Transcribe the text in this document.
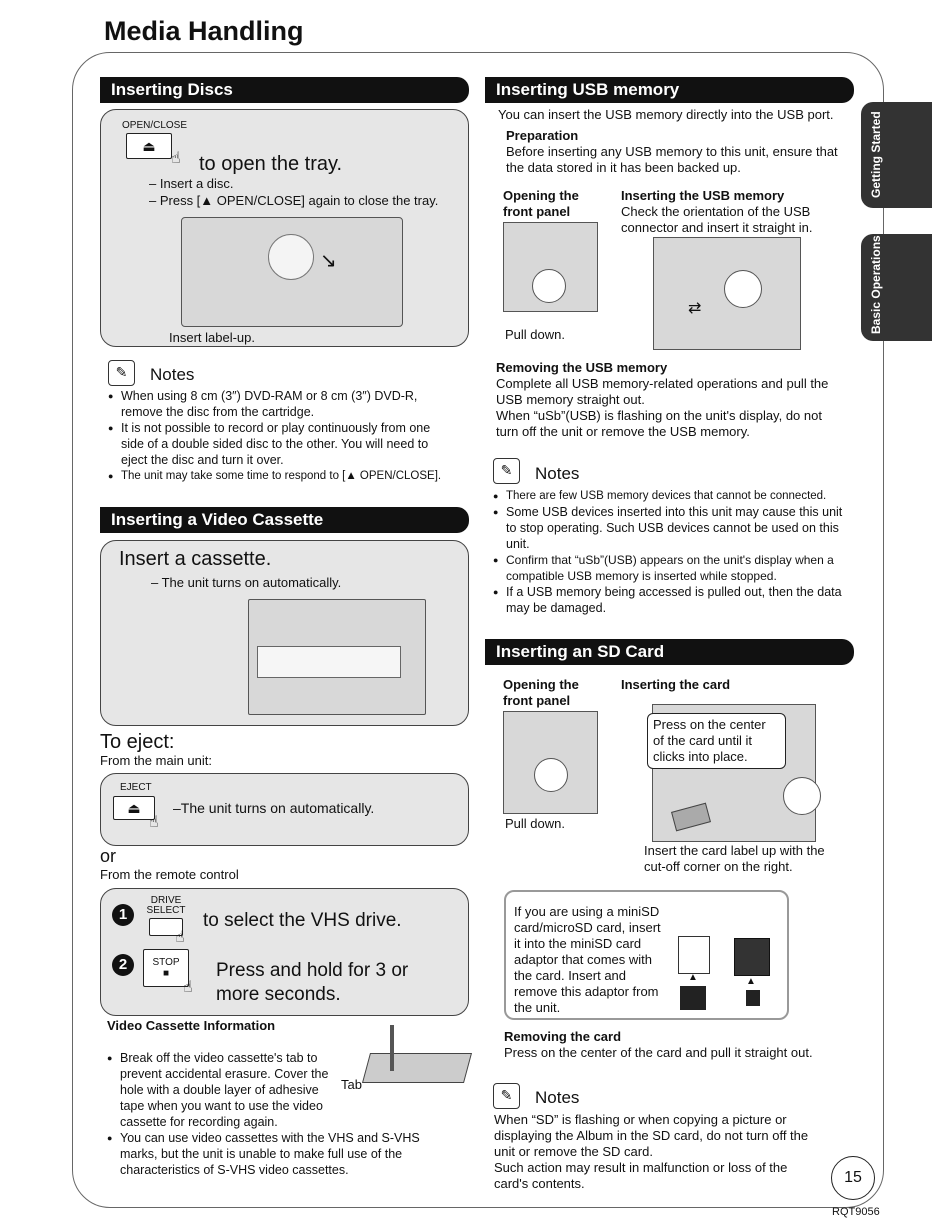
Media Handling
Getting Started
Basic Operations
Inserting Discs
OPEN/CLOSE
⏏
☝ to open the tray.
– Insert a disc.
– Press [▲ OPEN/CLOSE] again to close the tray.
↘
Insert label-up.
✎	Notes
● When using 8 cm (3″) DVD-RAM or 8 cm (3″) DVD-R, remove the disc from the cartridge.
● It is not possible to record or play continuously from one side of a double sided disc to the other. You will need to eject the disc and turn it over.
● The unit may take some time to respond to [▲ OPEN/CLOSE].
Inserting a Video Cassette
Insert a cassette.
– The unit turns on automatically.
To eject:
From the main unit:
EJECT
⏏
☝
–The unit turns on automatically.
or
From the remote control
1
DRIVE SELECT
☝
to select the VHS drive.
2	STOP
■
☝
Press and hold for 3 or more seconds.
Video Cassette Information
Tab
● Break off the video cassette's tab to prevent accidental erasure. Cover the hole with a double layer of adhesive tape when you want to use the video cassette for recording again.
● You can use video cassettes with the VHS and S-VHS marks, but the unit is unable to make full use of the characteristics of S-VHS video cassettes.
Inserting USB memory
You can insert the USB memory directly into the USB port.
Preparation
Before inserting any USB memory to this unit, ensure that the data stored in it has been backed up.
Opening the front panel
Inserting the USB memory
Check the orientation of the USB connector and insert it straight in.
⇄
Pull down.
Removing the USB memory
Complete all USB memory-related operations and pull the USB memory straight out.
When “uSb”(USB) is flashing on the unit's display, do not turn off the unit or remove the USB memory.
✎	Notes
● There are few USB memory devices that cannot be connected.
● Some USB devices inserted into this unit may cause this unit to stop operating. Such USB devices cannot be used on this unit.
● Confirm that “uSb”(USB) appears on the unit's display when a compatible USB memory is inserted while stopped.
● If a USB memory being accessed is pulled out, then the data may be damaged.
Inserting an SD Card
Opening the front panel
Inserting the card
Press on the center of the card until it clicks into place.
Pull down.
Insert the card label up with the cut-off corner on the right.
If you are using a miniSD card/microSD card, insert it into the miniSD card adaptor that comes with the card. Insert and remove this adaptor from the unit.
▲	▲
Removing the card
Press on the center of the card and pull it straight out.
✎	Notes
When “SD” is flashing or when copying a picture or displaying the Album in the SD card, do not turn off the unit or remove the SD card.
Such action may result in malfunction or loss of the card's contents.	15
RQT9056
